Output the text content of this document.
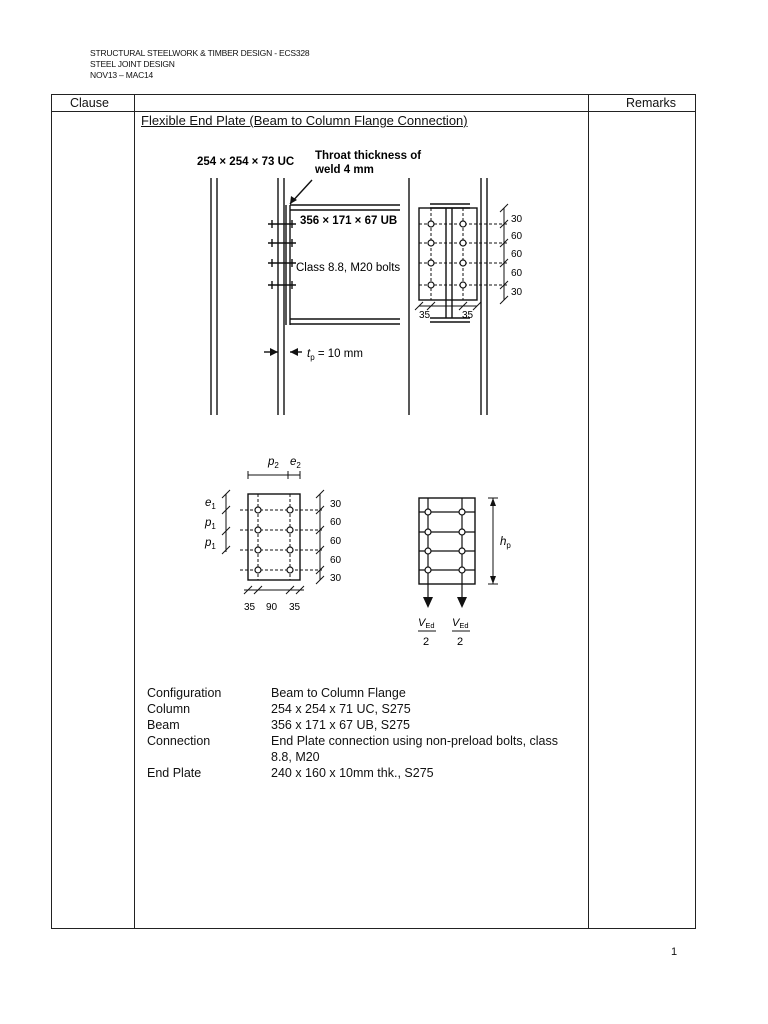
STRUCTURAL STEELWORK & TIMBER DESIGN - ECS328
STEEL JOINT DESIGN
NOV13 – MAC14
Clause	Remarks
Flexible End Plate (Beam to Column Flange Connection)
254 × 254 × 73 UC Throat thickness of
weld 4 mm
356 × 171 × 67 UB
Class 8.8, M20 bolts
$t_p = 10$ mm
30
60
60
60
30
35	35
$p_2$ $e_2$
$e_1$
$p_1$
$p_1$
30
60
60
60
30
35 90 35
$h_p$
VEd
2
VEd
2
Configuration	Beam to Column Flange
Column	254 x 254 x 71 UC, S275
Beam	356 x 171 x 67 UB, S275
Connection	End Plate connection using non-preload bolts, class 8.8, M20
End Plate	240 x 160 x 10mm thk., S275
1
